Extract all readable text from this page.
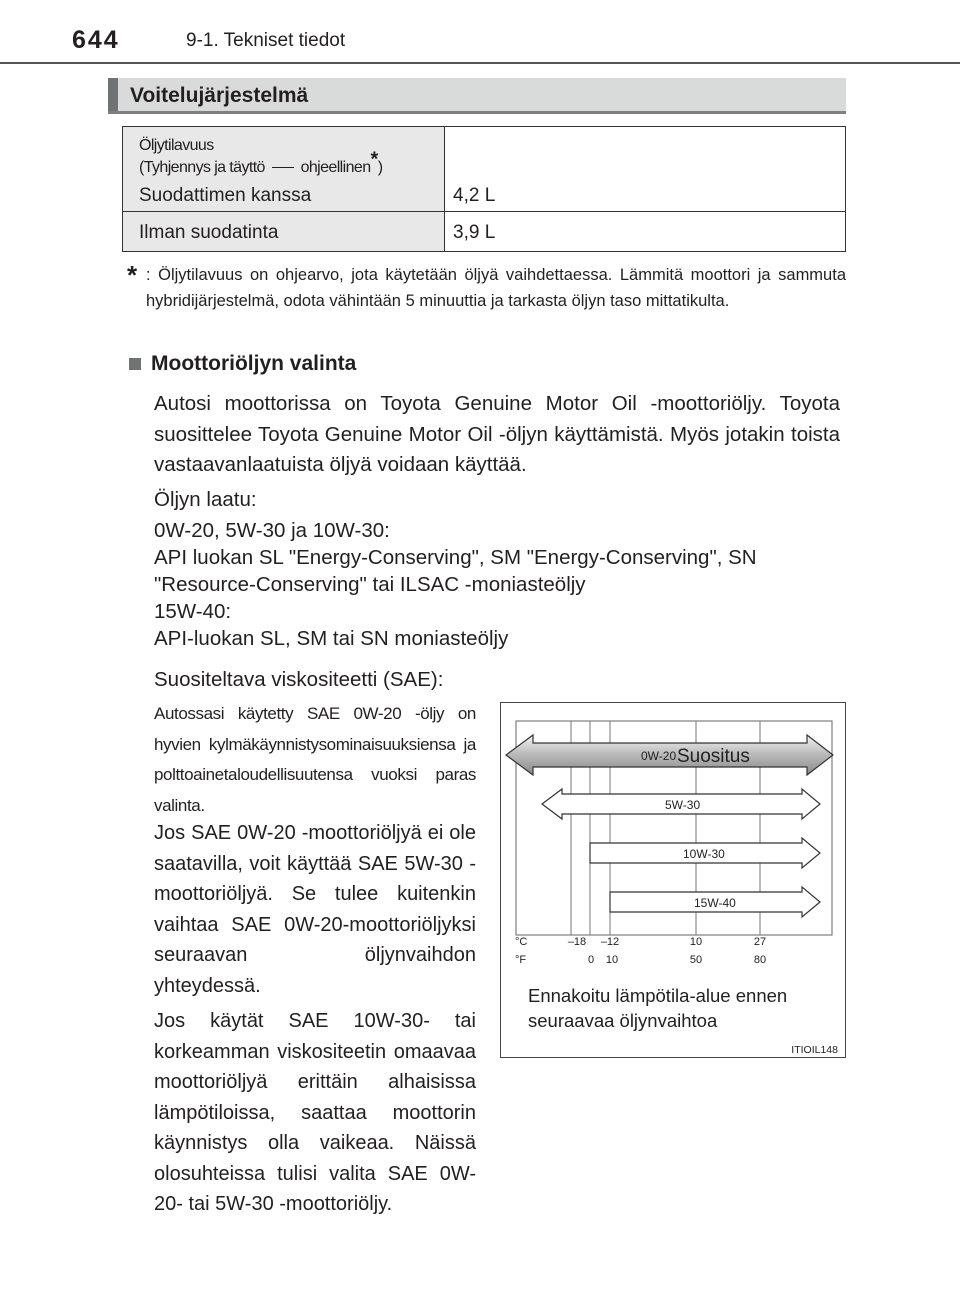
644	9-1. Tekniset tiedot
Voitelujärjestelmä
Öljytilavuus
(Tyhjennys ja täyttö ohjeellinen*)
Suodattimen kanssa	4,2 L
Ilman suodatinta	3,9 L
* : Öljytilavuus on ohjearvo, jota käytetään öljyä vaihdettaessa. Lämmitä moottori ja sammuta hybridijärjestelmä, odota vähintään 5 minuuttia ja tarkasta öljyn taso mittatikulta.
Moottoriöljyn valinta
Autosi moottorissa on Toyota Genuine Motor Oil -moottoriöljy. Toyota suosittelee Toyota Genuine Motor Oil -öljyn käyttämistä. Myös jotakin toista vastaavanlaatuista öljyä voidaan käyttää.
Öljyn laatu:
0W-20, 5W-30 ja 10W-30:
API luokan SL "Energy-Conserving", SM "Energy-Conserving", SN "Resource-Conserving" tai ILSAC -moniasteöljy
15W-40:
API-luokan SL, SM tai SN moniasteöljy
Suositeltava viskositeetti (SAE):
Autossasi käytetty SAE 0W-20 -öljy on hyvien kylmäkäynnistysominaisuuksiensa ja polttoainetaloudellisuutensa vuoksi paras valinta.
Jos SAE 0W-20 -moottoriöljyä ei ole saatavilla, voit käyttää SAE 5W-30 -moottoriöljyä. Se tulee kuitenkin vaihtaa SAE 0W-20-moottoriöljyksi seuraavan öljynvaihdon yhteydessä.
Jos käytät SAE 10W-30- tai korkeamman viskositeetin omaavaa moottoriöljyä erittäin alhaisissa lämpötiloissa, saattaa moottorin käynnistys olla vaikeaa. Näissä olosuhteissa tulisi valita SAE 0W-20- tai 5W-30 -moottoriöljy.
0W-20 Suositus
5W-30
10W-30
15W-40
°C	–18 –12	10	27
°F	0 10	50	80
ITIOIL148
Ennakoitu lämpötila-alue ennen seuraavaa öljynvaihtoa
